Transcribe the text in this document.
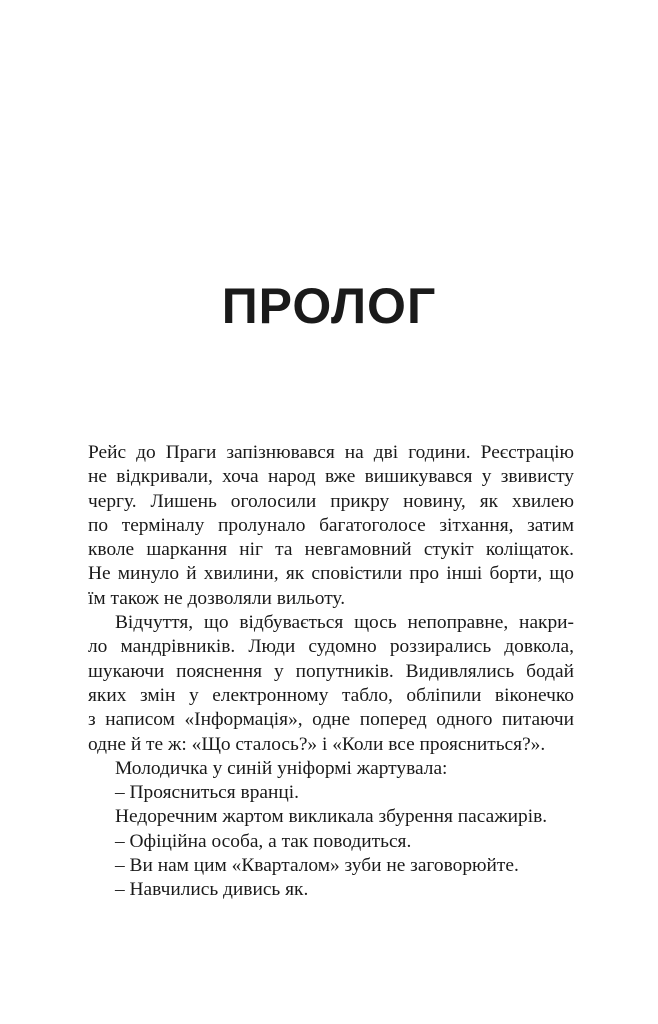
ПРОЛОГ

Рейс до Праги запізнювався на дві години. Реєстрацію
не відкривали, хоча народ вже вишикувався у звивисту
чергу. Лишень оголосили прикру новину, як хвилею
по терміналу пролунало багатоголосе зітхання, затим
кволе шаркання ніг та невгамовний стукіт коліщаток.
Не минуло й хвилини, як сповістили про інші борти, що
їм також не дозволяли вильоту.

Відчуття, що відбувається щось непоправне, накри-
ло мандрівників. Люди судомно роззирались довкола,
шукаючи пояснення у попутників. Видивлялись бодай
яких змін у електронному табло, обліпили віконечко
з написом «Інформація», одне поперед одного питаючи
одне й те ж: «Що сталось?» і «Коли все проясниться?».

Молодичка у синій уніформі жартувала:

– Проясниться вранці.

Недоречним жартом викликала збурення пасажирів.

– Офіційна особа, а так поводиться.

– Ви нам цим «Кварталом» зуби не заговорюйте.

– Навчились дивись як.
